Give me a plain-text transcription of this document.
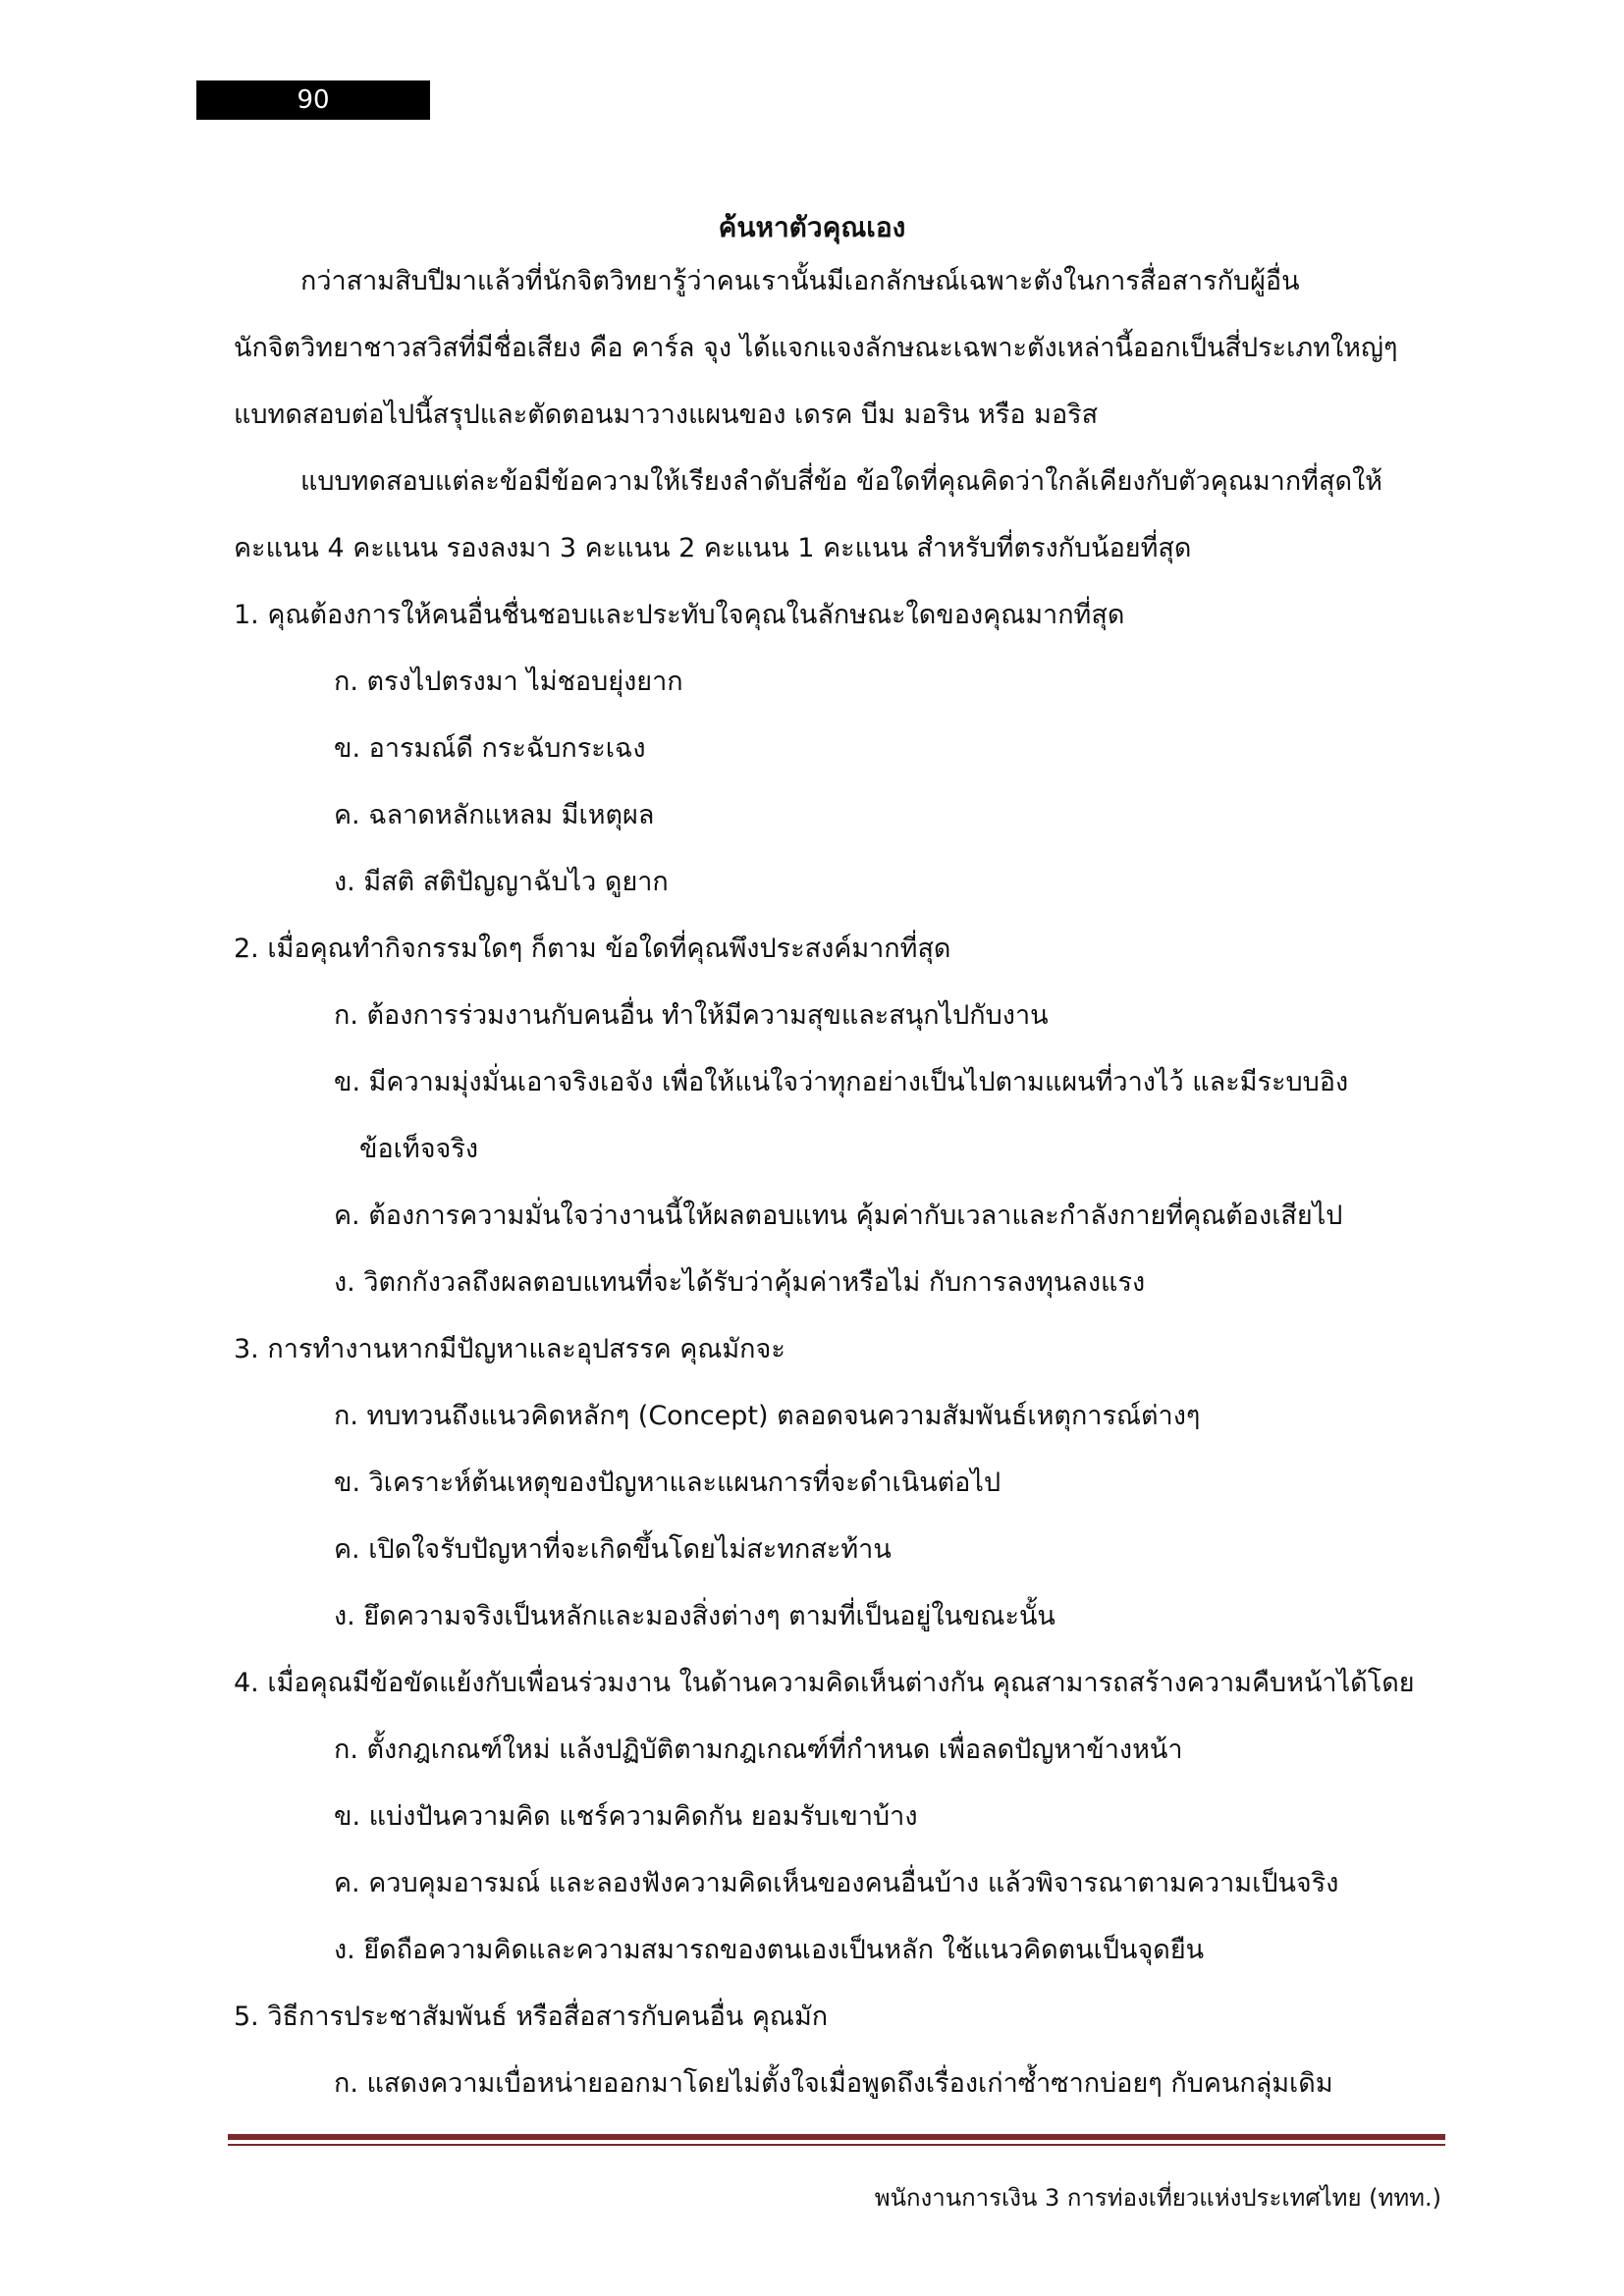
90
ค้นหาตัวคุณเอง
กว่าสามสิบปีมาแล้วที่นักจิตวิทยารู้ว่าคนเรานั้นมีเอกลักษณ์เฉพาะตังในการสื่อสารกับผู้อื่น
นักจิตวิทยาชาวสวิสที่มีชื่อเสียง คือ คาร์ล จุง ได้แจกแจงลักษณะเฉพาะตังเหล่านี้ออกเป็นสี่ประเภทใหญ่ๆ
แบทดสอบต่อไปนี้สรุปและตัดตอนมาวางแผนของ เดรค บีม มอริน หรือ มอริส
แบบทดสอบแต่ละข้อมีข้อความให้เรียงลำดับสี่ข้อ ข้อใดที่คุณคิดว่าใกล้เคียงกับตัวคุณมากที่สุดให้
คะแนน 4 คะแนน รองลงมา 3 คะแนน 2 คะแนน 1 คะแนน สำหรับที่ตรงกับน้อยที่สุด
1. คุณต้องการให้คนอื่นชื่นชอบและประทับใจคุณในลักษณะใดของคุณมากที่สุด
ก. ตรงไปตรงมา ไม่ชอบยุ่งยาก
ข. อารมณ์ดี กระฉับกระเฉง
ค. ฉลาดหลักแหลม มีเหตุผล
ง. มีสติ สติปัญญาฉับไว ดูยาก
2. เมื่อคุณทำกิจกรรมใดๆ ก็ตาม ข้อใดที่คุณพึงประสงค์มากที่สุด
ก. ต้องการร่วมงานกับคนอื่น ทำให้มีความสุขและสนุกไปกับงาน
ข. มีความมุ่งมั่นเอาจริงเอจัง เพื่อให้แน่ใจว่าทุกอย่างเป็นไปตามแผนที่วางไว้ และมีระบบอิง
ข้อเท็จจริง
ค. ต้องการความมั่นใจว่างานนี้ให้ผลตอบแทน คุ้มค่ากับเวลาและกำลังกายที่คุณต้องเสียไป
ง. วิตกกังวลถึงผลตอบแทนที่จะได้รับว่าคุ้มค่าหรือไม่ กับการลงทุนลงแรง
3. การทำงานหากมีปัญหาและอุปสรรค คุณมักจะ
ก. ทบทวนถึงแนวคิดหลักๆ (Concept) ตลอดจนความสัมพันธ์เหตุการณ์ต่างๆ
ข. วิเคราะห์ต้นเหตุของปัญหาและแผนการที่จะดำเนินต่อไป
ค. เปิดใจรับปัญหาที่จะเกิดขึ้นโดยไม่สะทกสะท้าน
ง. ยึดความจริงเป็นหลักและมองสิ่งต่างๆ ตามที่เป็นอยู่ในขณะนั้น
4. เมื่อคุณมีข้อขัดแย้งกับเพื่อนร่วมงาน ในด้านความคิดเห็นต่างกัน คุณสามารถสร้างความคืบหน้าได้โดย
ก. ตั้งกฎเกณฑ์ใหม่ แล้งปฏิบัติตามกฎเกณฑ์ที่กำหนด เพื่อลดปัญหาข้างหน้า
ข. แบ่งปันความคิด แชร์ความคิดกัน ยอมรับเขาบ้าง
ค. ควบคุมอารมณ์ และลองฟังความคิดเห็นของคนอื่นบ้าง แล้วพิจารณาตามความเป็นจริง
ง. ยึดถือความคิดและความสมารถของตนเองเป็นหลัก ใช้แนวคิดตนเป็นจุดยืน
5. วิธีการประชาสัมพันธ์ หรือสื่อสารกับคนอื่น คุณมัก
ก. แสดงความเบื่อหน่ายออกมาโดยไม่ตั้งใจเมื่อพูดถึงเรื่องเก่าซ้ำซากบ่อยๆ กับคนกลุ่มเดิม
พนักงานการเงิน 3 การท่องเที่ยวแห่งประเทศไทย (ททท.)
